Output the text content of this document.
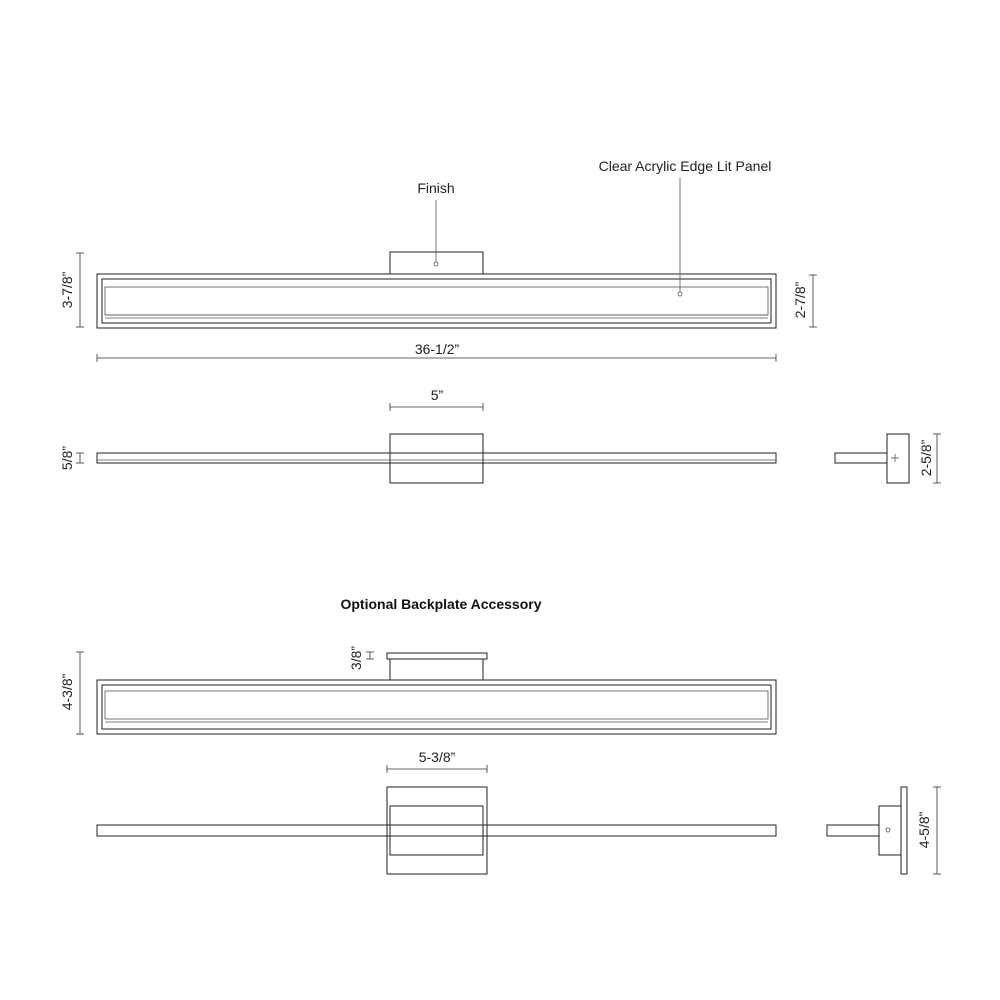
Finish
Clear Acrylic Edge Lit Panel
3-7/8”	2-7/8”
36-1/2”
5”
5/8”	2-5/8”
Optional Backplate Accessory
4-3/8”
3/8”
5-3/8”
4-5/8”
